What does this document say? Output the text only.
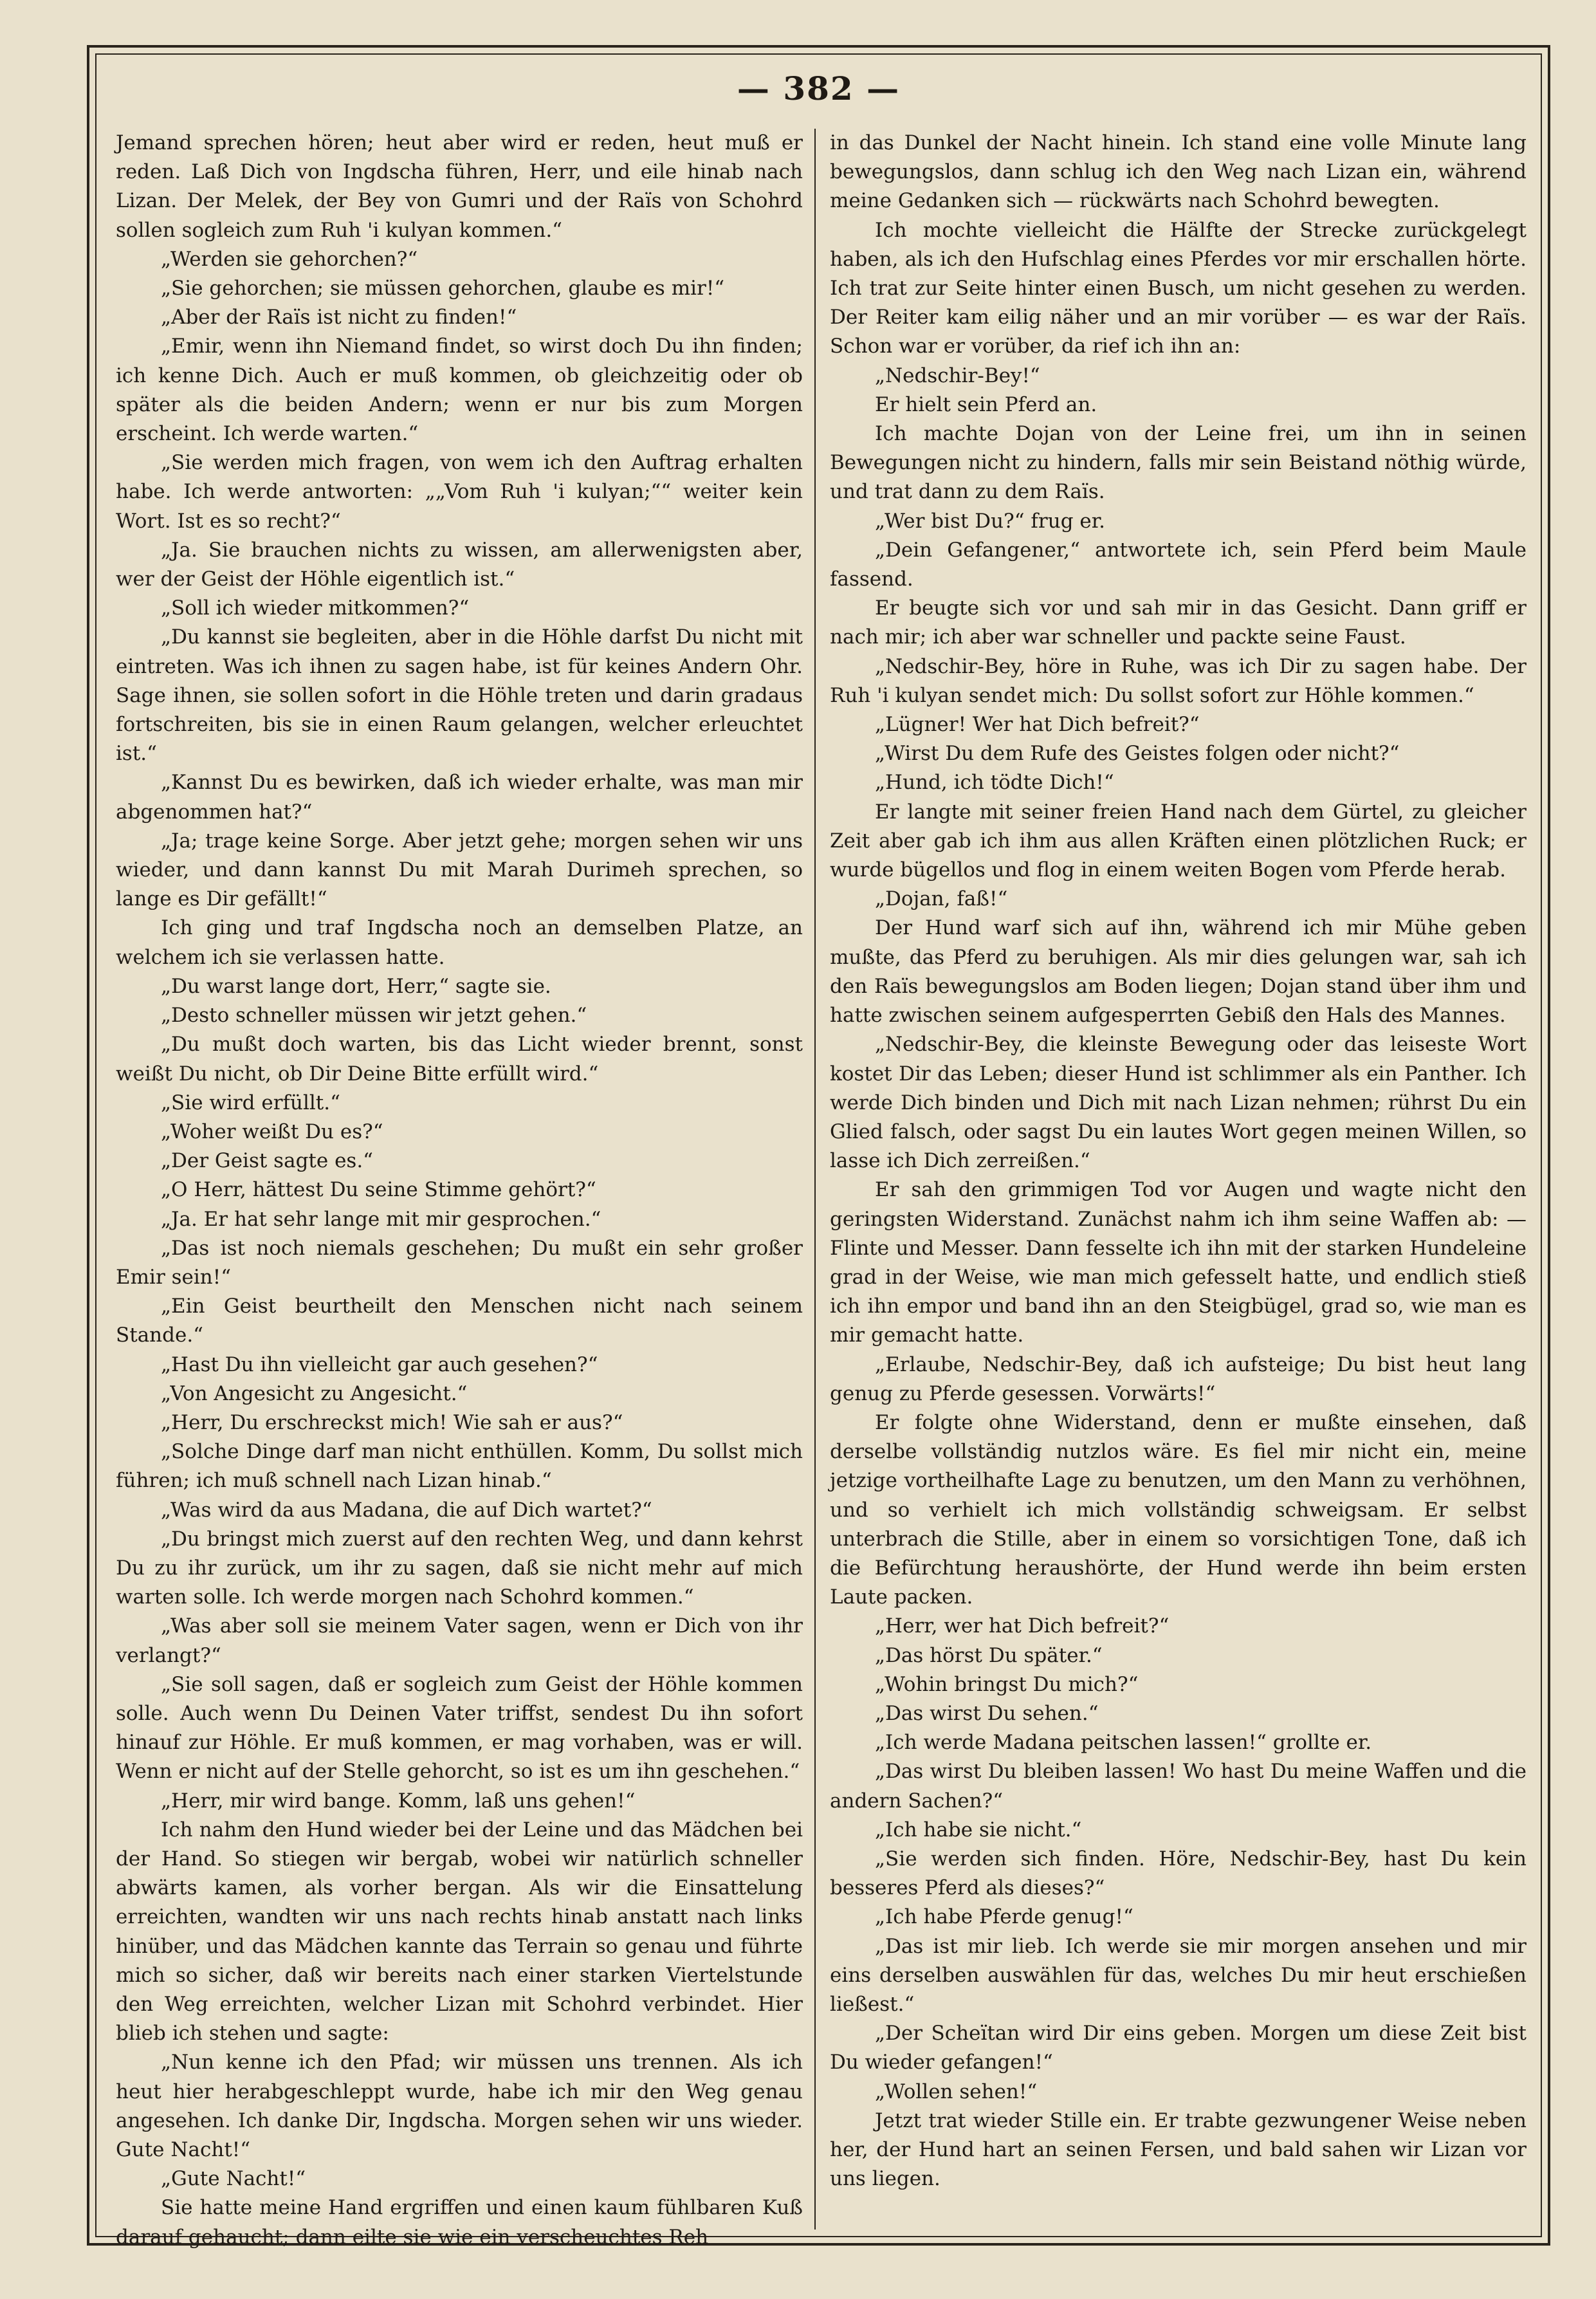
— 382 —

Jemand sprechen hören; heut aber wird er reden, heut muß er reden. Laß Dich von Ingdscha führen, Herr, und eile hinab nach Lizan. Der Melek, der Bey von Gumri und der Raïs von Schohrd sollen sogleich zum Ruh 'i kulyan kommen.“

„Werden sie gehorchen?“

„Sie gehorchen; sie müssen gehorchen, glaube es mir!“

„Aber der Raïs ist nicht zu finden!“

„Emir, wenn ihn Niemand findet, so wirst doch Du ihn finden; ich kenne Dich. Auch er muß kommen, ob gleichzeitig oder ob später als die beiden Andern; wenn er nur bis zum Morgen erscheint. Ich werde warten.“

„Sie werden mich fragen, von wem ich den Auftrag erhalten habe. Ich werde antworten: „„Vom Ruh 'i kulyan;““ weiter kein Wort. Ist es so recht?“

„Ja. Sie brauchen nichts zu wissen, am allerwenigsten aber, wer der Geist der Höhle eigentlich ist.“

„Soll ich wieder mitkommen?“

„Du kannst sie begleiten, aber in die Höhle darfst Du nicht mit eintreten. Was ich ihnen zu sagen habe, ist für keines Andern Ohr. Sage ihnen, sie sollen sofort in die Höhle treten und darin gradaus fortschreiten, bis sie in einen Raum gelangen, welcher erleuchtet ist.“

„Kannst Du es bewirken, daß ich wieder erhalte, was man mir abgenommen hat?“

„Ja; trage keine Sorge. Aber jetzt gehe; morgen sehen wir uns wieder, und dann kannst Du mit Marah Durimeh sprechen, so lange es Dir gefällt!“

Ich ging und traf Ingdscha noch an demselben Platze, an welchem ich sie verlassen hatte.

„Du warst lange dort, Herr,“ sagte sie.

„Desto schneller müssen wir jetzt gehen.“

„Du mußt doch warten, bis das Licht wieder brennt, sonst weißt Du nicht, ob Dir Deine Bitte erfüllt wird.“

„Sie wird erfüllt.“

„Woher weißt Du es?“

„Der Geist sagte es.“

„O Herr, hättest Du seine Stimme gehört?“

„Ja. Er hat sehr lange mit mir gesprochen.“

„Das ist noch niemals geschehen; Du mußt ein sehr großer Emir sein!“

„Ein Geist beurtheilt den Menschen nicht nach seinem Stande.“

„Hast Du ihn vielleicht gar auch gesehen?“

„Von Angesicht zu Angesicht.“

„Herr, Du erschreckst mich! Wie sah er aus?“

„Solche Dinge darf man nicht enthüllen. Komm, Du sollst mich führen; ich muß schnell nach Lizan hinab.“

„Was wird da aus Madana, die auf Dich wartet?“

„Du bringst mich zuerst auf den rechten Weg, und dann kehrst Du zu ihr zurück, um ihr zu sagen, daß sie nicht mehr auf mich warten solle. Ich werde morgen nach Schohrd kommen.“

„Was aber soll sie meinem Vater sagen, wenn er Dich von ihr verlangt?“

„Sie soll sagen, daß er sogleich zum Geist der Höhle kommen solle. Auch wenn Du Deinen Vater triffst, sendest Du ihn sofort hinauf zur Höhle. Er muß kommen, er mag vorhaben, was er will. Wenn er nicht auf der Stelle gehorcht, so ist es um ihn geschehen.“

„Herr, mir wird bange. Komm, laß uns gehen!“

Ich nahm den Hund wieder bei der Leine und das Mädchen bei der Hand. So stiegen wir bergab, wobei wir natürlich schneller abwärts kamen, als vorher bergan. Als wir die Einsattelung erreichten, wandten wir uns nach rechts hinab anstatt nach links hinüber, und das Mädchen kannte das Terrain so genau und führte mich so sicher, daß wir bereits nach einer starken Viertelstunde den Weg erreichten, welcher Lizan mit Schohrd verbindet. Hier blieb ich stehen und sagte:

„Nun kenne ich den Pfad; wir müssen uns trennen. Als ich heut hier herabgeschleppt wurde, habe ich mir den Weg genau angesehen. Ich danke Dir, Ingdscha. Morgen sehen wir uns wieder. Gute Nacht!“

„Gute Nacht!“

Sie hatte meine Hand ergriffen und einen kaum fühlbaren Kuß darauf gehaucht; dann eilte sie wie ein verscheuchtes Reh

in das Dunkel der Nacht hinein. Ich stand eine volle Minute lang bewegungslos, dann schlug ich den Weg nach Lizan ein, während meine Gedanken sich — rückwärts nach Schohrd bewegten.

Ich mochte vielleicht die Hälfte der Strecke zurückgelegt haben, als ich den Hufschlag eines Pferdes vor mir erschallen hörte. Ich trat zur Seite hinter einen Busch, um nicht gesehen zu werden. Der Reiter kam eilig näher und an mir vorüber — es war der Raïs. Schon war er vorüber, da rief ich ihn an:

„Nedschir-Bey!“

Er hielt sein Pferd an.

Ich machte Dojan von der Leine frei, um ihn in seinen Bewegungen nicht zu hindern, falls mir sein Beistand nöthig würde, und trat dann zu dem Raïs.

„Wer bist Du?“ frug er.

„Dein Gefangener,“ antwortete ich, sein Pferd beim Maule fassend.

Er beugte sich vor und sah mir in das Gesicht. Dann griff er nach mir; ich aber war schneller und packte seine Faust.

„Nedschir-Bey, höre in Ruhe, was ich Dir zu sagen habe. Der Ruh 'i kulyan sendet mich: Du sollst sofort zur Höhle kommen.“

„Lügner! Wer hat Dich befreit?“

„Wirst Du dem Rufe des Geistes folgen oder nicht?“

„Hund, ich tödte Dich!“

Er langte mit seiner freien Hand nach dem Gürtel, zu gleicher Zeit aber gab ich ihm aus allen Kräften einen plötzlichen Ruck; er wurde bügellos und flog in einem weiten Bogen vom Pferde herab.

„Dojan, faß!“

Der Hund warf sich auf ihn, während ich mir Mühe geben mußte, das Pferd zu beruhigen. Als mir dies gelungen war, sah ich den Raïs bewegungslos am Boden liegen; Dojan stand über ihm und hatte zwischen seinem aufgesperrten Gebiß den Hals des Mannes.

„Nedschir-Bey, die kleinste Bewegung oder das leiseste Wort kostet Dir das Leben; dieser Hund ist schlimmer als ein Panther. Ich werde Dich binden und Dich mit nach Lizan nehmen; rührst Du ein Glied falsch, oder sagst Du ein lautes Wort gegen meinen Willen, so lasse ich Dich zerreißen.“

Er sah den grimmigen Tod vor Augen und wagte nicht den geringsten Widerstand. Zunächst nahm ich ihm seine Waffen ab: — Flinte und Messer. Dann fesselte ich ihn mit der starken Hundeleine grad in der Weise, wie man mich gefesselt hatte, und endlich stieß ich ihn empor und band ihn an den Steigbügel, grad so, wie man es mir gemacht hatte.

„Erlaube, Nedschir-Bey, daß ich aufsteige; Du bist heut lang genug zu Pferde gesessen. Vorwärts!“

Er folgte ohne Widerstand, denn er mußte einsehen, daß derselbe vollständig nutzlos wäre. Es fiel mir nicht ein, meine jetzige vortheilhafte Lage zu benutzen, um den Mann zu verhöhnen, und so verhielt ich mich vollständig schweigsam. Er selbst unterbrach die Stille, aber in einem so vorsichtigen Tone, daß ich die Befürchtung heraushörte, der Hund werde ihn beim ersten Laute packen.

„Herr, wer hat Dich befreit?“

„Das hörst Du später.“

„Wohin bringst Du mich?“

„Das wirst Du sehen.“

„Ich werde Madana peitschen lassen!“ grollte er.

„Das wirst Du bleiben lassen! Wo hast Du meine Waffen und die andern Sachen?“

„Ich habe sie nicht.“

„Sie werden sich finden. Höre, Nedschir-Bey, hast Du kein besseres Pferd als dieses?“

„Ich habe Pferde genug!“

„Das ist mir lieb. Ich werde sie mir morgen ansehen und mir eins derselben auswählen für das, welches Du mir heut erschießen ließest.“

„Der Scheïtan wird Dir eins geben. Morgen um diese Zeit bist Du wieder gefangen!“

„Wollen sehen!“

Jetzt trat wieder Stille ein. Er trabte gezwungener Weise neben her, der Hund hart an seinen Fersen, und bald sahen wir Lizan vor uns liegen.
